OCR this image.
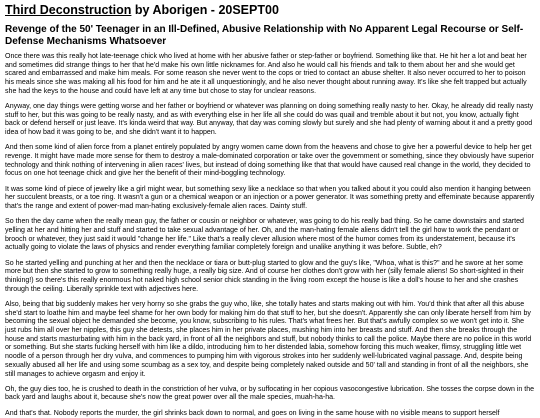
Third Deconstruction by Aborigen - 20SEPT00
Revenge of the 50' Teenager in an Ill-Defined, Abusive Relationship with No Apparent Legal Recourse or Self-Defense Mechanisms Whatsoever

Once there was this really hot late-teenage chick who lived at home with her abusive father or step-father or boyfriend. Something like that. He hit her a lot and beat her and sometimes did strange things to her that he'd make his own little nicknames for. And also he would call his friends and talk to them about her and she would get scared and embarrassed and make him meals. For some reason she never went to the cops or tried to contact an abuse shelter. It also never occurred to her to poison his meals since she was making all his food for him and he ate it all unquestioningly, and he also never thought about running away. It's like she felt trapped but actually she had the keys to the house and could have left at any time but chose to stay for unclear reasons.

Anyway, one day things were getting worse and her father or boyfriend or whatever was planning on doing something really nasty to her. Okay, he already did really nasty stuff to her, but this was going to be really nasty, and as with everything else in her life all she could do was quail and tremble about it but not, you know, actually fight back or defend herself or just leave. It's kinda weird that way. But anyway, that day was coming slowly but surely and she had plenty of warning about it and a pretty good idea of how bad it was going to be, and she didn't want it to happen.

And then some kind of alien force from a planet entirely populated by angry women came down from the heavens and chose to give her a powerful device to help her get revenge. It might have made more sense for them to destroy a male-dominated corporation or take over the government or something, since they obviously have superior technology and think nothing of intervening in alien races' lives, but instead of doing something like that that would have caused real change in the world, they decided to focus on one hot teenage chick and give her the benefit of their mind-boggling technology.

It was some kind of piece of jewelry like a girl might wear, but something sexy like a necklace so that when you talked about it you could also mention it hanging between her succulent breasts, or a toe ring. It wasn't a gun or a chemical weapon or an injection or a power generator. It was something pretty and effeminate because apparently that's the range and extent of power-mad man-hating exclusively-female alien races. Dainty stuff.

So then the day came when the really mean guy, the father or cousin or neighbor or whatever, was going to do his really bad thing. So he came downstairs and started yelling at her and hitting her and stuff and started to take sexual advantage of her. Oh, and the man-hating female aliens didn't tell the girl how to work the pendant or brooch or whatever, they just said it would "change her life." Like that's a really clever allusion where most of the humor comes from its understatement, because it's actually going to violate the laws of physics and render everything familiar completely foreign and unalike anything it was before. Subtle, eh?

So he started yelling and punching at her and then the necklace or tiara or butt-plug started to glow and the guy's like, "Whoa, what is this?" and he swore at her some more but then she started to grow to something really huge, a really big size. And of course her clothes don't grow with her (silly female aliens! So short-sighted in their thinking!) so there's this really enormous hot naked high school senior chick standing in the living room except the house is like a doll's house to her and she crashes through the ceiling. Liberally sprinkle text with adjectives here.

Also, being that big suddenly makes her very horny so she grabs the guy who, like, she totally hates and starts making out with him. You'd think that after all this abuse she'd start to loathe him and maybe feel shame for her own body for making him do that stuff to her, but she doesn't. Apparently she can only liberate herself from him by becoming the sexual object he demanded she become, you know, subscribing to his rules. That's what frees her. But that's awfully complex so we won't get into it. She just rubs him all over her nipples, this guy she detests, she places him in her private places, mushing him into her breasts and stuff. And then she breaks through the house and starts masturbating with him in the back yard, in front of all the neighbors and stuff, but nobody thinks to call the police. Maybe there are no police in this world or something. But she starts fucking herself with him like a dildo, introducing him to her distended labia, somehow forcing this much weaker, flimsy, struggling little wet noodle of a person through her dry vulva, and commences to pumping him with vigorous strokes into her suddenly well-lubricated vaginal passage. And, despite being sexually abused all her life and using some scumbag as a sex toy, and despite being completely naked outside and 50' tall and standing in front of all the neighbors, she still manages to achieve orgasm and enjoy it.

Oh, the guy dies too, he is crushed to death in the constriction of her vulva, or by suffocating in her copious vasocongestive lubrication. She tosses the corpse down in the back yard and laughs about it, because she's now the great power over all the male species, muah-ha-ha.

And that's that. Nobody reports the murder, the girl shrinks back down to normal, and goes on living in the same house with no visible means to support herself
